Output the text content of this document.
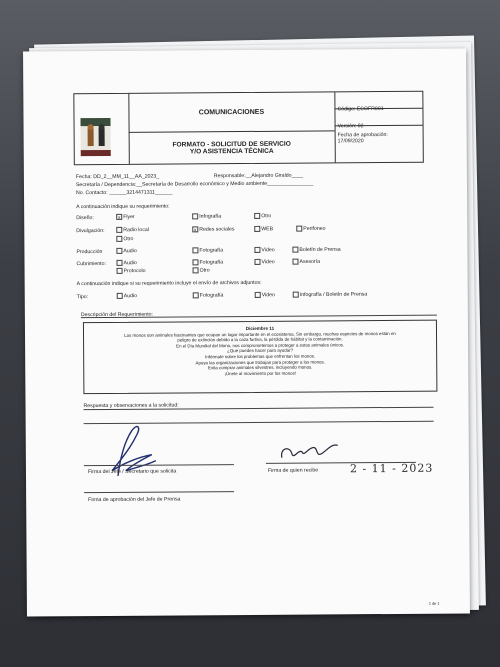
COMUNICACIONES
FORMATO - SOLICITUD DE SERVICIO
Y/O ASISTENCIA TÉCNICA
Código: ECOFR001
Versión: 02
Fecha de aprobación:
17/09/2020
Fecha: DD_2__MM_11__AA_2023_	Responsable:__Alejandro Giraldo____
Secretaría / Dependencia:__Secretaría de Desarrollo económico y Medio ambiente________________
No. Contacto: ______3214471311______
A continuación indique su requerimiento:
Diseño:	x Flyer	Infografía	Otro
Divulgación:	Radio local	x Redes sociales	WEB	Perifoneo
Otro
Producción	Audio	Fotografía	Video	Boletín de Prensa
Cubrimiento:	Audio	Fotografía	Video	Asesoría
Protocolo	Otro
A continuación indique si su requerimiento incluye el envío de archivos adjuntos:
Tipo:	Audio	Fotografía	Video	Infografía / Boletín de Prensa
Descripción del Requerimiento:
Diciembre 11
Los monos son animales fascinantes que ocupan un lugar importante en el ecosistema. Sin embargo, muchas especies de monos están en
peligro de extinción debido a la caza furtiva, la pérdida de hábitat y la contaminación.
En el Día Mundial del Mono, nos comprometemos a proteger a estos animales únicos.
¿Qué puedes hacer para ayudar?
Infórmate sobre los problemas que enfrentan los monos.
Apoya las organizaciones que trabajan para proteger a los monos.
Evita comprar animales silvestres, incluyendo monos.
¡Únete al movimiento por los monos!
Respuesta y observaciones a la solicitud:
Firma del Jefe / Secretario que solicita	Firma de quien recibe	2 - 11 - 2023
Firma de aprobación del Jefe de Prensa
1 de 1
